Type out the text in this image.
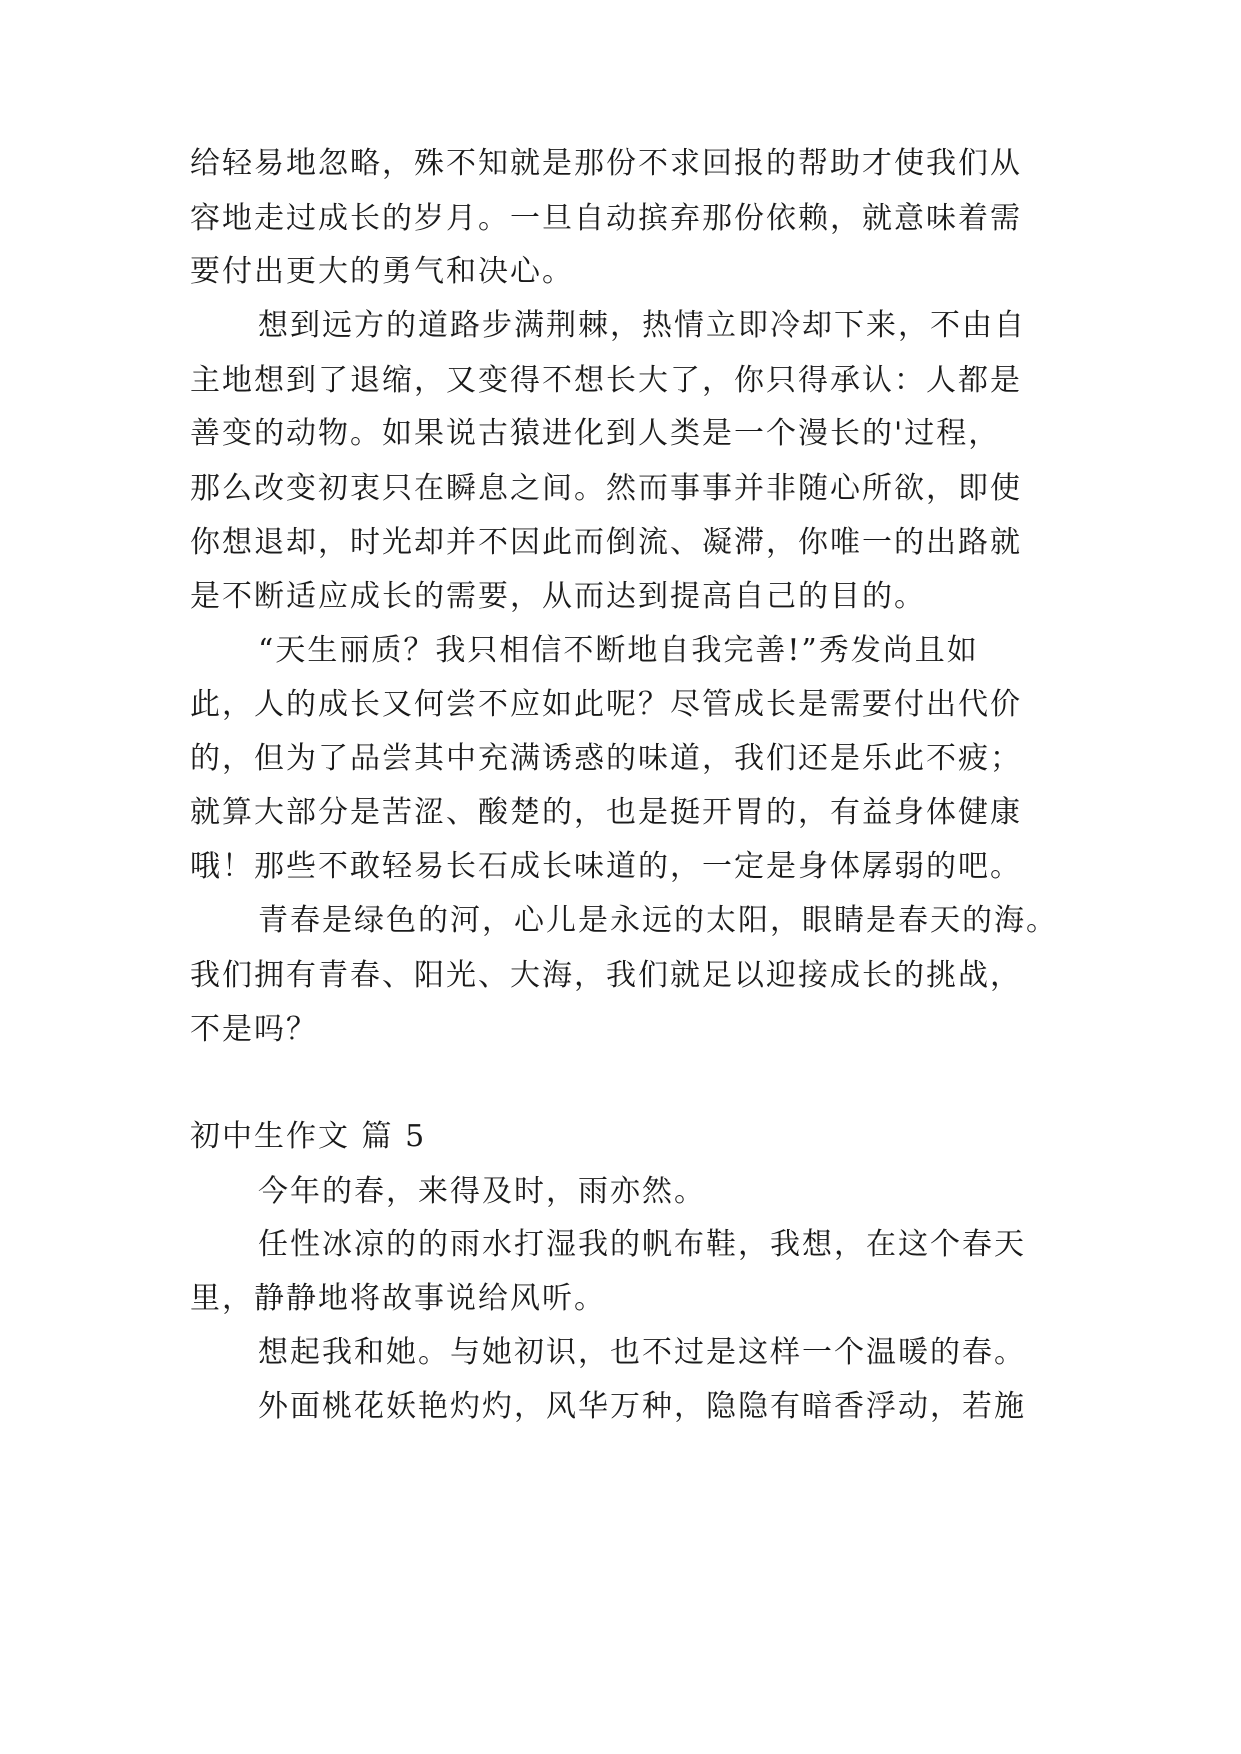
给轻易地忽略，殊不知就是那份不求回报的帮助才使我们从
容地走过成长的岁月。一旦自动摈弃那份依赖，就意味着需
要付出更大的勇气和决心。
想到远方的道路步满荆棘，热情立即冷却下来，不由自
主地想到了退缩，又变得不想长大了，你只得承认：人都是
善变的动物。如果说古猿进化到人类是一个漫长的'过程，
那么改变初衷只在瞬息之间。然而事事并非随心所欲，即使
你想退却，时光却并不因此而倒流、凝滞，你唯一的出路就
是不断适应成长的需要，从而达到提高自己的目的。
“天生丽质？我只相信不断地自我完善!”秀发尚且如
此，人的成长又何尝不应如此呢？尽管成长是需要付出代价
的，但为了品尝其中充满诱惑的味道，我们还是乐此不疲；
就算大部分是苦涩、酸楚的，也是挺开胃的，有益身体健康
哦！那些不敢轻易长石成长味道的，一定是身体孱弱的吧。
青春是绿色的河，心儿是永远的太阳，眼睛是春天的海。
我们拥有青春、阳光、大海，我们就足以迎接成长的挑战，
不是吗？
初中生作文 篇 5
今年的春，来得及时，雨亦然。
任性冰凉的的雨水打湿我的帆布鞋，我想，在这个春天
里，静静地将故事说给风听。
想起我和她。与她初识，也不过是这样一个温暖的春。
外面桃花妖艳灼灼，风华万种，隐隐有暗香浮动，若施
